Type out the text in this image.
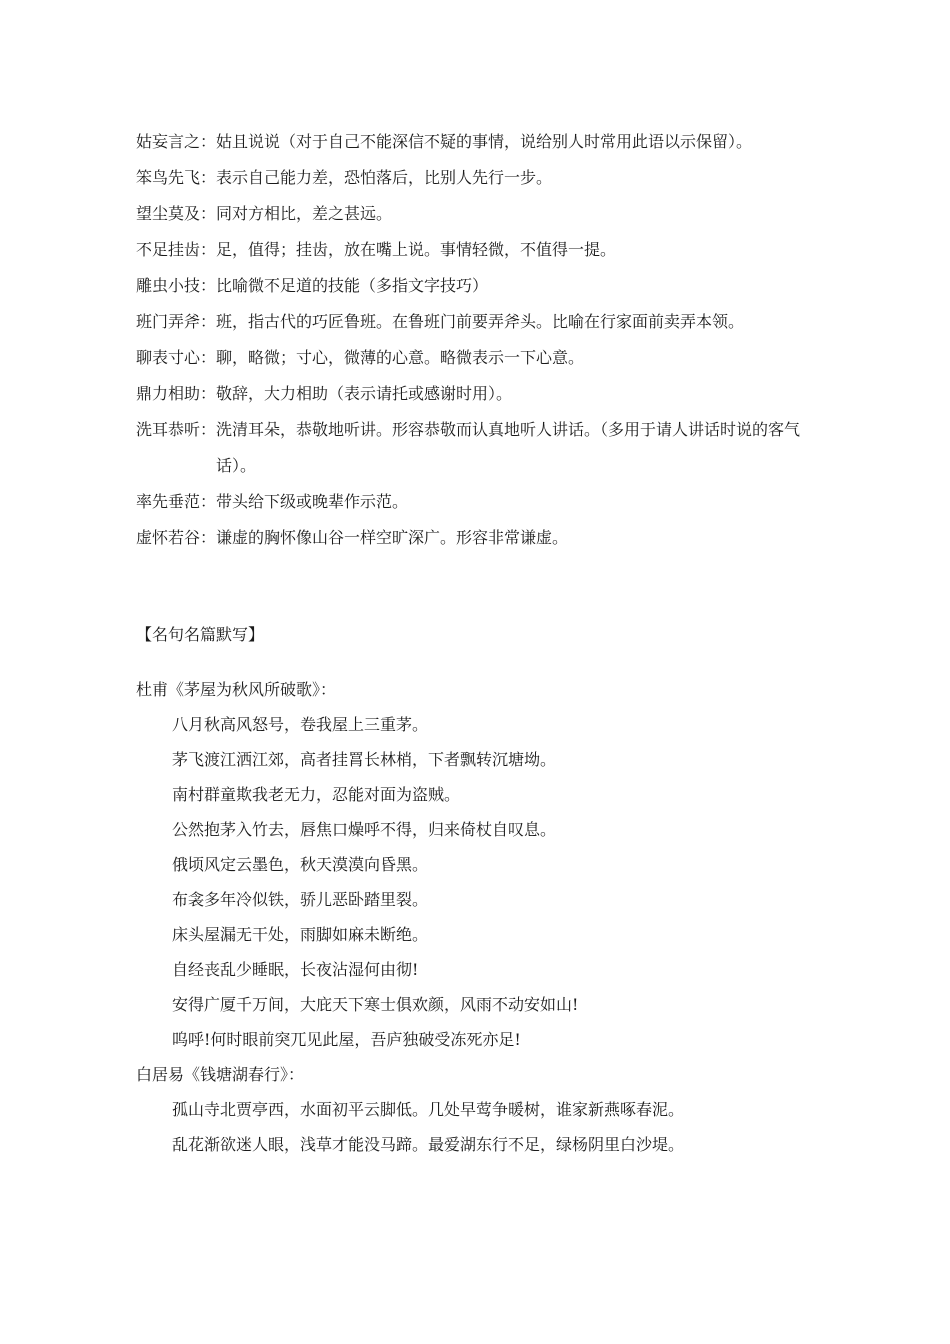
姑妄言之： 姑且说说（对于自己不能深信不疑的事情，说给别人时常用此语以示保留）。
笨鸟先飞： 表示自己能力差，恐怕落后，比别人先行一步。
望尘莫及： 同对方相比，差之甚远。
不足挂齿： 足，值得；挂齿，放在嘴上说。事情轻微，不值得一提。
雕虫小技： 比喻微不足道的技能（多指文字技巧）
班门弄斧： 班，指古代的巧匠鲁班。在鲁班门前要弄斧头。比喻在行家面前卖弄本领。
聊表寸心： 聊，略微；寸心，微薄的心意。略微表示一下心意。
鼎力相助： 敬辞，大力相助（表示请托或感谢时用）。
洗耳恭听： 洗清耳朵，恭敬地听讲。形容恭敬而认真地听人讲话。（多用于请人讲话时说的客气话）。
率先垂范： 带头给下级或晚辈作示范。
虚怀若谷： 谦虚的胸怀像山谷一样空旷深广。形容非常谦虚。
【名句名篇默写】
杜甫《茅屋为秋风所破歌》：
八月秋高风怒号，卷我屋上三重茅。
茅飞渡江洒江郊，高者挂罥长林梢，下者飘转沉塘坳。
南村群童欺我老无力，忍能对面为盗贼。
公然抱茅入竹去，唇焦口燥呼不得，归来倚杖自叹息。
俄顷风定云墨色，秋天漠漠向昏黑。
布衾多年冷似铁，骄儿恶卧踏里裂。
床头屋漏无干处，雨脚如麻未断绝。
自经丧乱少睡眠，长夜沾湿何由彻!
安得广厦千万间，大庇天下寒士俱欢颜，风雨不动安如山!
呜呼!何时眼前突兀见此屋，吾庐独破受冻死亦足!
白居易《钱塘湖春行》：
孤山寺北贾亭西，水面初平云脚低。几处早莺争暖树，谁家新燕啄春泥。
乱花渐欲迷人眼，浅草才能没马蹄。最爱湖东行不足，绿杨阴里白沙堤。
